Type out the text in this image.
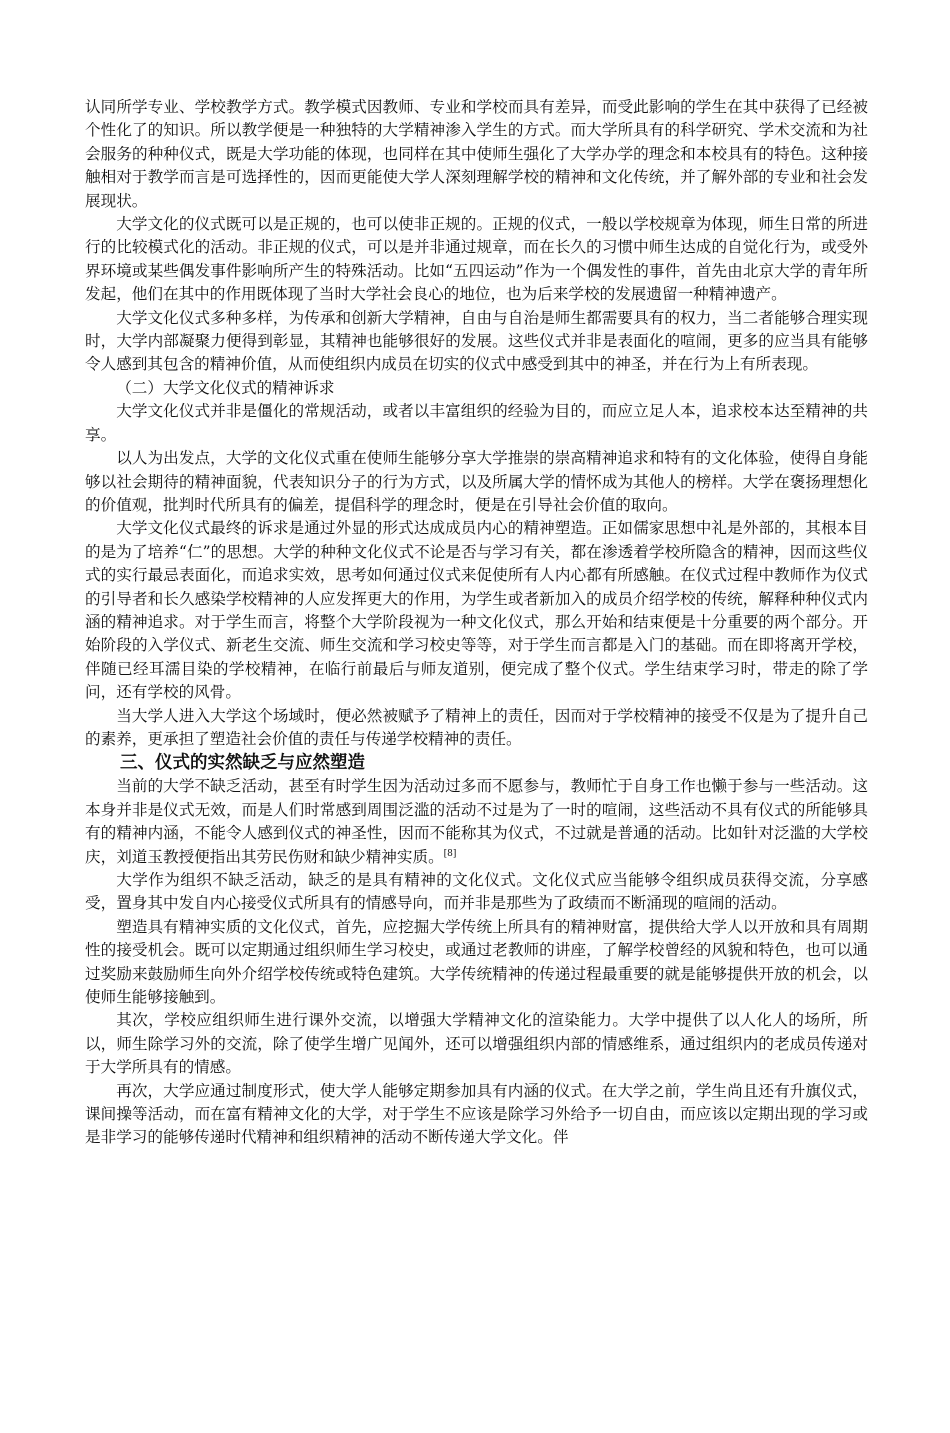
认同所学专业、学校教学方式。教学模式因教师、专业和学校而具有差异，而受此影响的学生在其中获得了已经被个性化了的知识。所以教学便是一种独特的大学精神渗入学生的方式。而大学所具有的科学研究、学术交流和为社会服务的种种仪式，既是大学功能的体现，也同样在其中使师生强化了大学办学的理念和本校具有的特色。这种接触相对于教学而言是可选择性的，因而更能使大学人深刻理解学校的精神和文化传统，并了解外部的专业和社会发展现状。

大学文化的仪式既可以是正规的，也可以使非正规的。正规的仪式，一般以学校规章为体现，师生日常的所进行的比较模式化的活动。非正规的仪式，可以是并非通过规章，而在长久的习惯中师生达成的自觉化行为，或受外界环境或某些偶发事件影响所产生的特殊活动。比如“五四运动”作为一个偶发性的事件，首先由北京大学的青年所发起，他们在其中的作用既体现了当时大学社会良心的地位，也为后来学校的发展遗留一种精神遗产。

大学文化仪式多种多样，为传承和创新大学精神，自由与自治是师生都需要具有的权力，当二者能够合理实现时，大学内部凝聚力便得到彰显，其精神也能够很好的发展。这些仪式并非是表面化的喧闹，更多的应当具有能够令人感到其包含的精神价值，从而使组织内成员在切实的仪式中感受到其中的神圣，并在行为上有所表现。

（二）大学文化仪式的精神诉求

大学文化仪式并非是僵化的常规活动，或者以丰富组织的经验为目的，而应立足人本，追求校本达至精神的共享。

以人为出发点，大学的文化仪式重在使师生能够分享大学推崇的崇高精神追求和特有的文化体验，使得自身能够以社会期待的精神面貌，代表知识分子的行为方式，以及所属大学的情怀成为其他人的榜样。大学在褒扬理想化的价值观，批判时代所具有的偏差，提倡科学的理念时，便是在引导社会价值的取向。

大学文化仪式最终的诉求是通过外显的形式达成成员内心的精神塑造。正如儒家思想中礼是外部的，其根本目的是为了培养“仁”的思想。大学的种种文化仪式不论是否与学习有关，都在渗透着学校所隐含的精神，因而这些仪式的实行最忌表面化，而追求实效，思考如何通过仪式来促使所有人内心都有所感触。在仪式过程中教师作为仪式的引导者和长久感染学校精神的人应发挥更大的作用，为学生或者新加入的成员介绍学校的传统，解释种种仪式内涵的精神追求。对于学生而言，将整个大学阶段视为一种文化仪式，那么开始和结束便是十分重要的两个部分。开始阶段的入学仪式、新老生交流、师生交流和学习校史等等，对于学生而言都是入门的基础。而在即将离开学校，伴随已经耳濡目染的学校精神，在临行前最后与师友道别，便完成了整个仪式。学生结束学习时，带走的除了学问，还有学校的风骨。

当大学人进入大学这个场域时，便必然被赋予了精神上的责任，因而对于学校精神的接受不仅是为了提升自己的素养，更承担了塑造社会价值的责任与传递学校精神的责任。

三、仪式的实然缺乏与应然塑造

当前的大学不缺乏活动，甚至有时学生因为活动过多而不愿参与，教师忙于自身工作也懒于参与一些活动。这本身并非是仪式无效，而是人们时常感到周围泛滥的活动不过是为了一时的喧闹，这些活动不具有仪式的所能够具有的精神内涵，不能令人感到仪式的神圣性，因而不能称其为仪式，不过就是普通的活动。比如针对泛滥的大学校庆，刘道玉教授便指出其劳民伤财和缺少精神实质。[8]

大学作为组织不缺乏活动，缺乏的是具有精神的文化仪式。文化仪式应当能够令组织成员获得交流，分享感受，置身其中发自内心接受仪式所具有的情感导向，而并非是那些为了政绩而不断涌现的喧闹的活动。

塑造具有精神实质的文化仪式，首先，应挖掘大学传统上所具有的精神财富，提供给大学人以开放和具有周期性的接受机会。既可以定期通过组织师生学习校史，或通过老教师的讲座，了解学校曾经的风貌和特色，也可以通过奖励来鼓励师生向外介绍学校传统或特色建筑。大学传统精神的传递过程最重要的就是能够提供开放的机会，以使师生能够接触到。

其次，学校应组织师生进行课外交流，以增强大学精神文化的渲染能力。大学中提供了以人化人的场所，所以，师生除学习外的交流，除了使学生增广见闻外，还可以增强组织内部的情感维系，通过组织内的老成员传递对于大学所具有的情感。

再次，大学应通过制度形式，使大学人能够定期参加具有内涵的仪式。在大学之前，学生尚且还有升旗仪式，课间操等活动，而在富有精神文化的大学，对于学生不应该是除学习外给予一切自由，而应该以定期出现的学习或是非学习的能够传递时代精神和组织精神的活动不断传递大学文化。伴
